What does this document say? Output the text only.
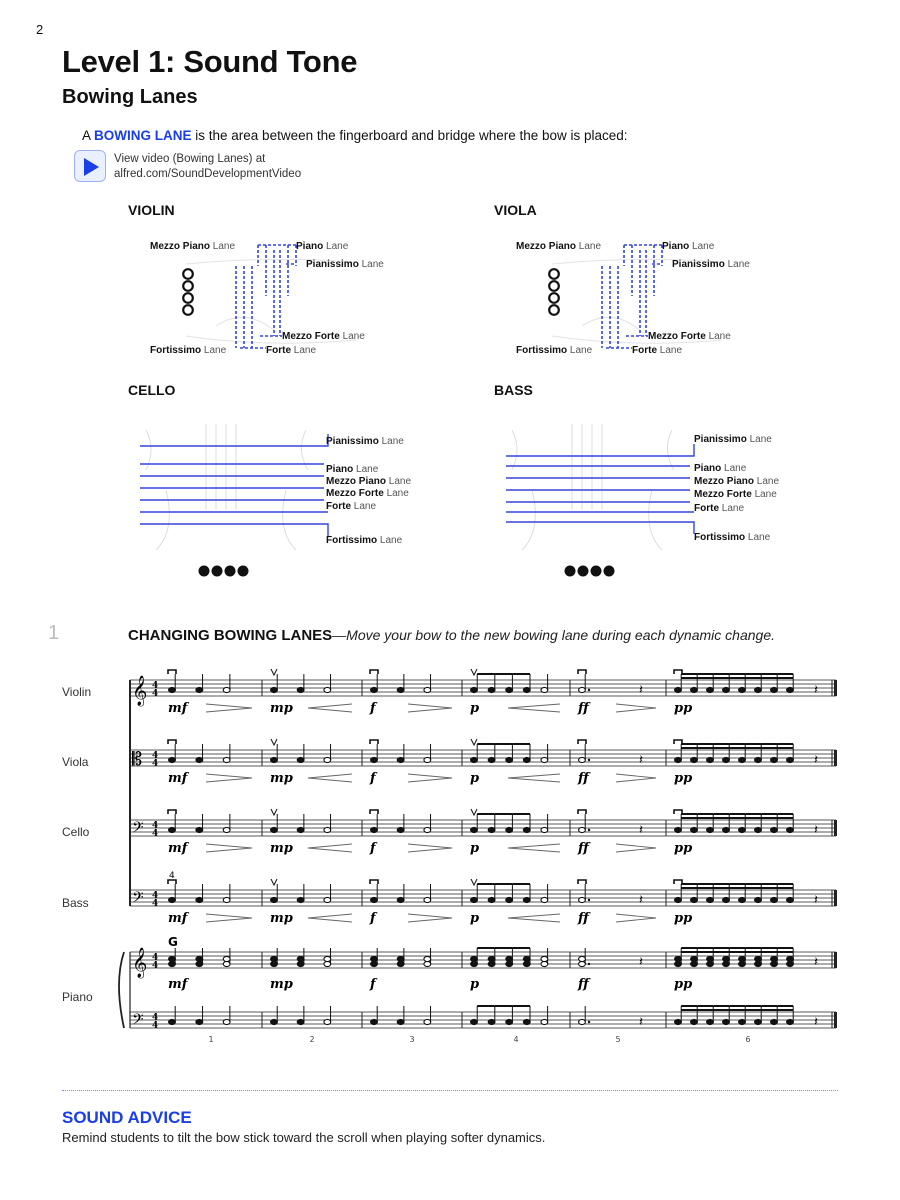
2
Level 1: Sound Tone
Bowing Lanes
A BOWING LANE is the area between the fingerboard and bridge where the bow is placed:
View video (Bowing Lanes) at
alfred.com/SoundDevelopmentVideo
VIOLIN	VIOLA
CELLO	BASS
Mezzo Piano Lane	Piano Lane
Pianissimo Lane
Mezzo Forte Lane
Fortissimo Lane	Forte Lane
Mezzo Piano Lane	Piano Lane
Pianissimo Lane
Mezzo Forte Lane
Fortissimo Lane	Forte Lane
Pianissimo Lane
Piano Lane
Mezzo Piano Lane
Mezzo Forte Lane
Forte Lane
Fortissimo Lane
Pianissimo Lane
Piano Lane
Mezzo Piano Lane
Mezzo Forte Lane
Forte Lane
Fortissimo Lane
1	CHANGING BOWING LANES—Move your bow to the new bowing lane during each dynamic change.
Violin
Viola
Cello
Bass
Piano
𝄞 4
4
𝄡 4
4
𝄢 4
4
𝄢 4
4
𝄞 4
4
𝄢 4
4
𝄽	𝄽
𝄽	𝄽
𝄽	𝄽
𝄽	𝄽
𝄽	𝄽
𝄽	𝄽
4
G
mf	mp	f	p	ff	pp
mf	mp	f	p	ff	pp
mf	mp	f	p	ff	pp
mf	mp	f	p	ff	pp
mf	mp	f	p	ff	pp
1	2	3	4	5	6
SOUND ADVICE
Remind students to tilt the bow stick toward the scroll when playing softer dynamics.
